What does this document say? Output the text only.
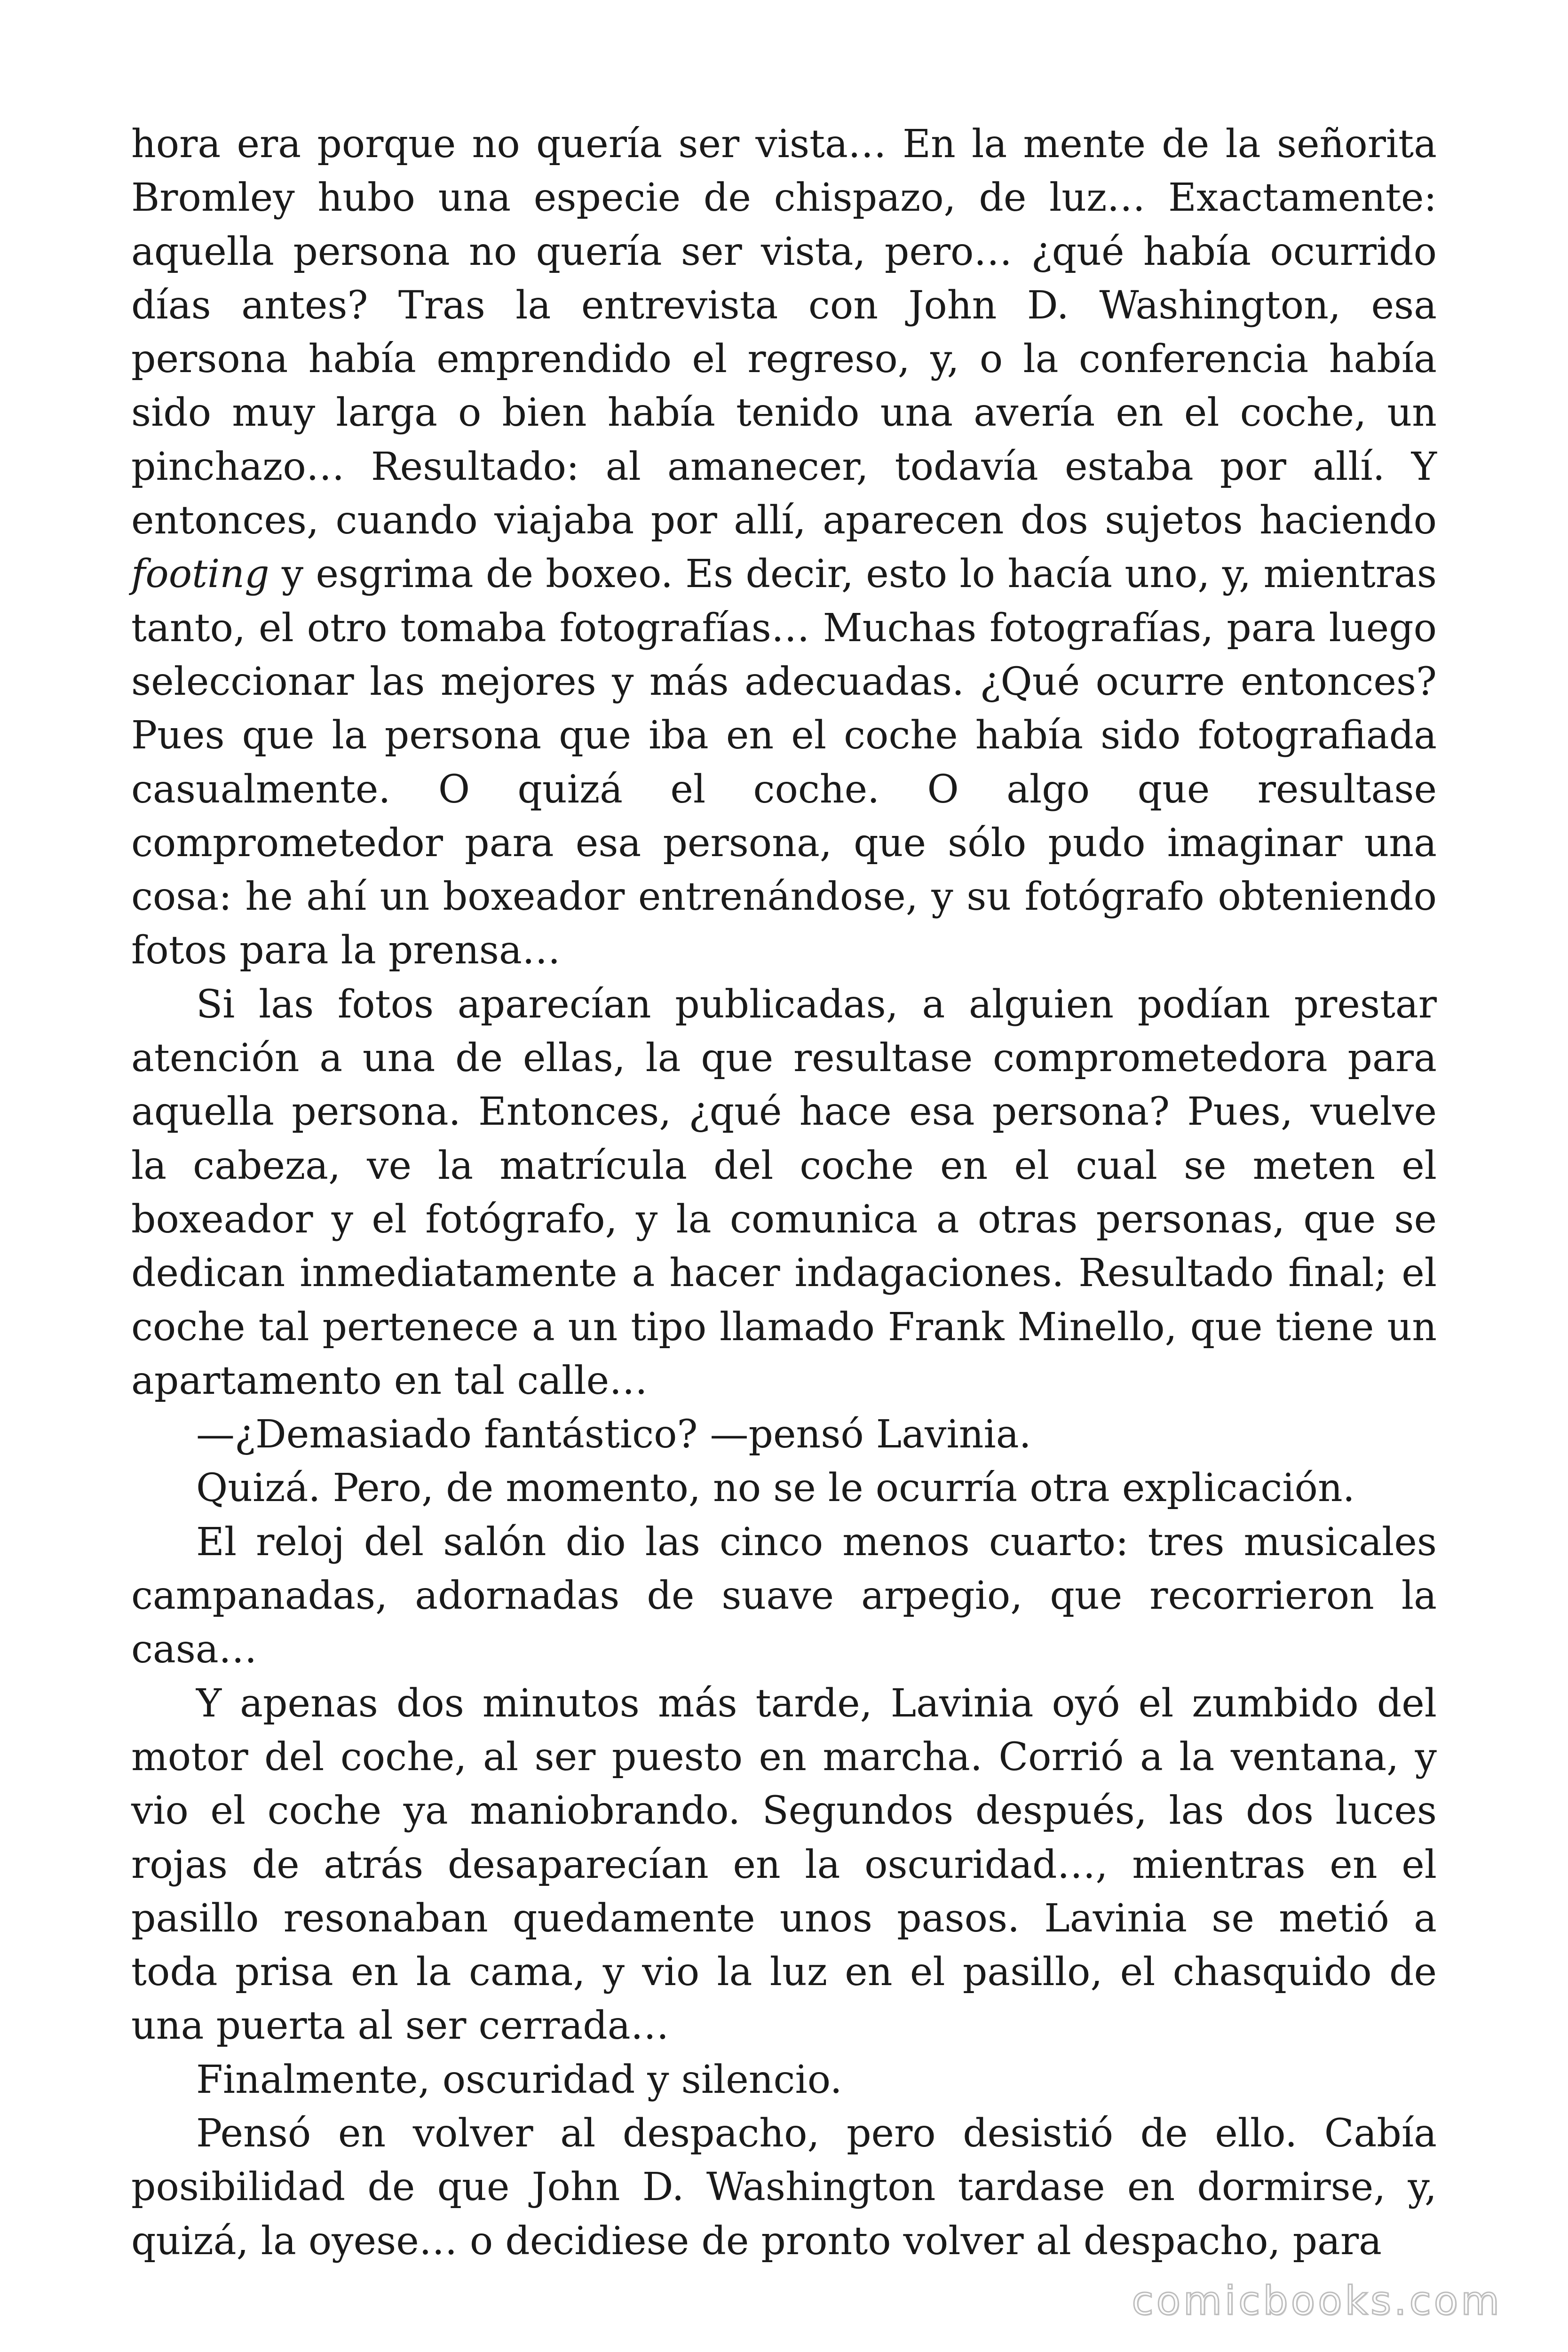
hora era porque no quería ser vista… En la mente de la señorita Bromley hubo una especie de chispazo, de luz… Exactamente: aquella persona no quería ser vista, pero… ¿qué había ocurrido días antes? Tras la entrevista con John D. Washington, esa persona había emprendido el regreso, y, o la conferencia había sido muy larga o bien había tenido una avería en el coche, un pinchazo… Resultado: al amanecer, todavía estaba por allí. Y entonces, cuando viajaba por allí, aparecen dos sujetos haciendo footing y esgrima de boxeo. Es decir, esto lo hacía uno, y, mientras tanto, el otro tomaba fotografías… Muchas fotografías, para luego seleccionar las mejores y más adecuadas. ¿Qué ocurre entonces? Pues que la persona que iba en el coche había sido fotografiada casualmente. O quizá el coche. O algo que resultase comprometedor para esa persona, que sólo pudo imaginar una cosa: he ahí un boxeador entrenándose, y su fotógrafo obteniendo fotos para la prensa…

Si las fotos aparecían publicadas, a alguien podían prestar atención a una de ellas, la que resultase comprometedora para aquella persona. Entonces, ¿qué hace esa persona? Pues, vuelve la cabeza, ve la matrícula del coche en el cual se meten el boxeador y el fotógrafo, y la comunica a otras personas, que se dedican inmediatamente a hacer indagaciones. Resultado final; el coche tal pertenece a un tipo llamado Frank Minello, que tiene un apartamento en tal calle…

—¿Demasiado fantástico? —pensó Lavinia.

Quizá. Pero, de momento, no se le ocurría otra explicación.

El reloj del salón dio las cinco menos cuarto: tres musicales campanadas, adornadas de suave arpegio, que recorrieron la casa…

Y apenas dos minutos más tarde, Lavinia oyó el zumbido del motor del coche, al ser puesto en marcha. Corrió a la ventana, y vio el coche ya maniobrando. Segundos después, las dos luces rojas de atrás desaparecían en la oscuridad…, mientras en el pasillo resonaban quedamente unos pasos. Lavinia se metió a toda prisa en la cama, y vio la luz en el pasillo, el chasquido de una puerta al ser cerrada…

Finalmente, oscuridad y silencio.

Pensó en volver al despacho, pero desistió de ello. Cabía posibilidad de que John D. Washington tardase en dormirse, y, quizá, la oyese… o decidiese de pronto volver al despacho, para

comicbooks.com
